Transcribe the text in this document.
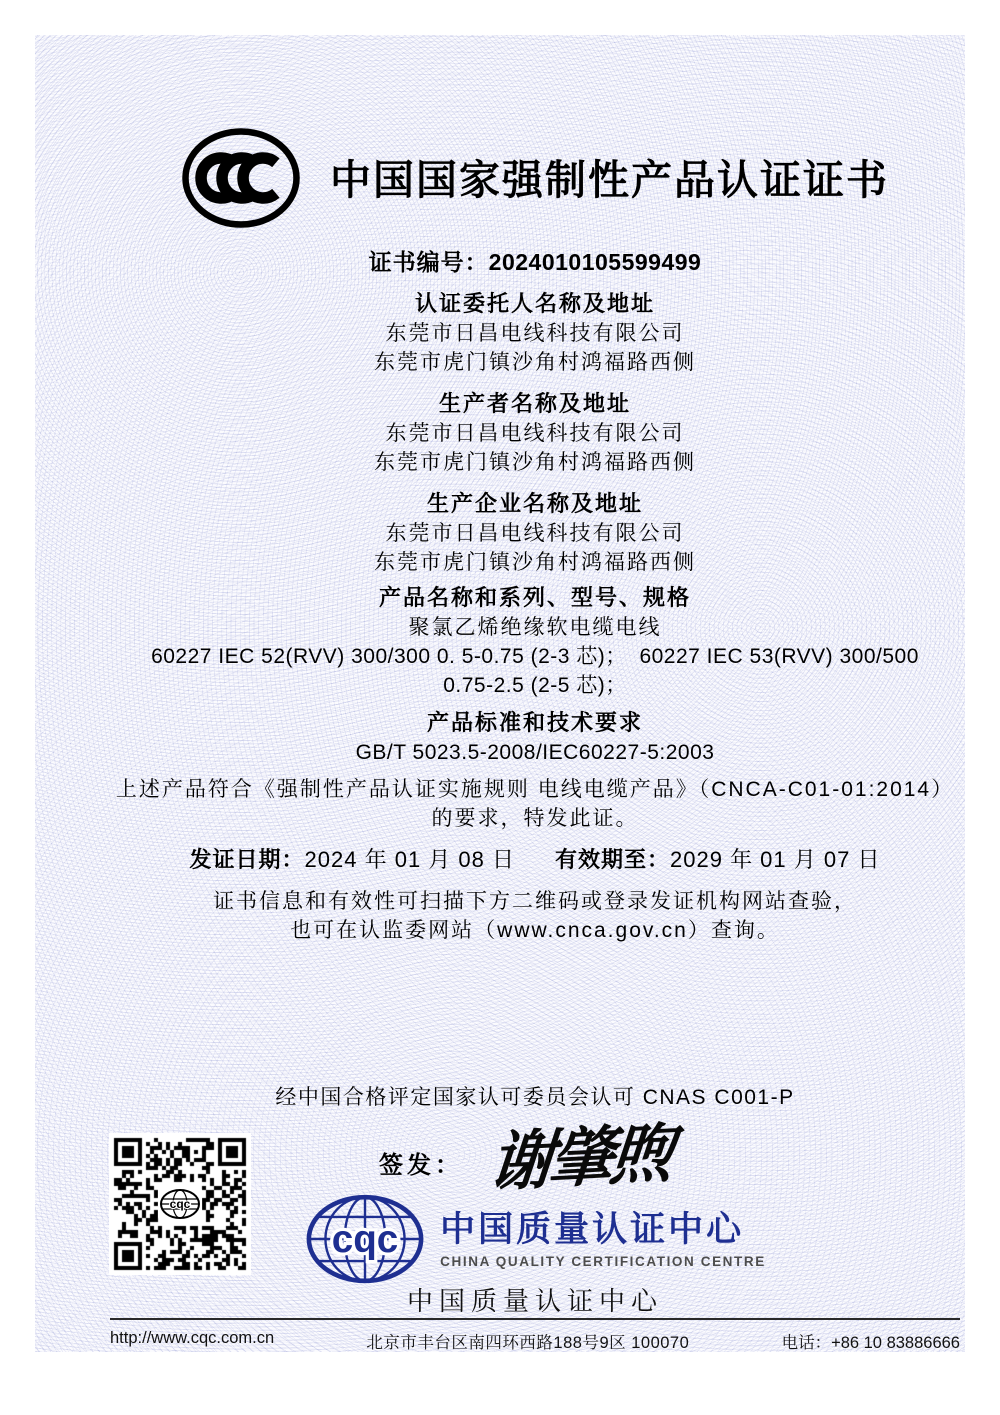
中国国家强制性产品认证证书
证书编号：2024010105599499
认证委托人名称及地址
东莞市日昌电线科技有限公司
东莞市虎门镇沙角村鸿福路西侧
生产者名称及地址
东莞市日昌电线科技有限公司
东莞市虎门镇沙角村鸿福路西侧
生产企业名称及地址
东莞市日昌电线科技有限公司
东莞市虎门镇沙角村鸿福路西侧
产品名称和系列、型号、规格
聚氯乙烯绝缘软电缆电线
60227 IEC 52(RVV) 300/300 0. 5-0.75 (2-3 芯)；  60227 IEC 53(RVV) 300/500
0.75-2.5 (2-5 芯)；
产品标准和技术要求
GB/T 5023.5-2008/IEC60227-5:2003
上述产品符合《强制性产品认证实施规则 电线电缆产品》（CNCA-C01-01:2014）
的要求，特发此证。
发证日期：2024 年 01 月 08 日 有效期至：2029 年 01 月 07 日
证书信息和有效性可扫描下方二维码或登录发证机构网站查验，
也可在认监委网站（www.cnca.gov.cn）查询。
经中国合格评定国家认可委员会认可 CNAS C001-P
签发： 谢肇煦
cqc
cqc 中国质量认证中心
CHINA QUALITY CERTIFICATION CENTRE
中国质量认证中心
http://www.cqc.com.cn	北京市丰台区南四环西路188号9区 100070	电话：+86 10 83886666
